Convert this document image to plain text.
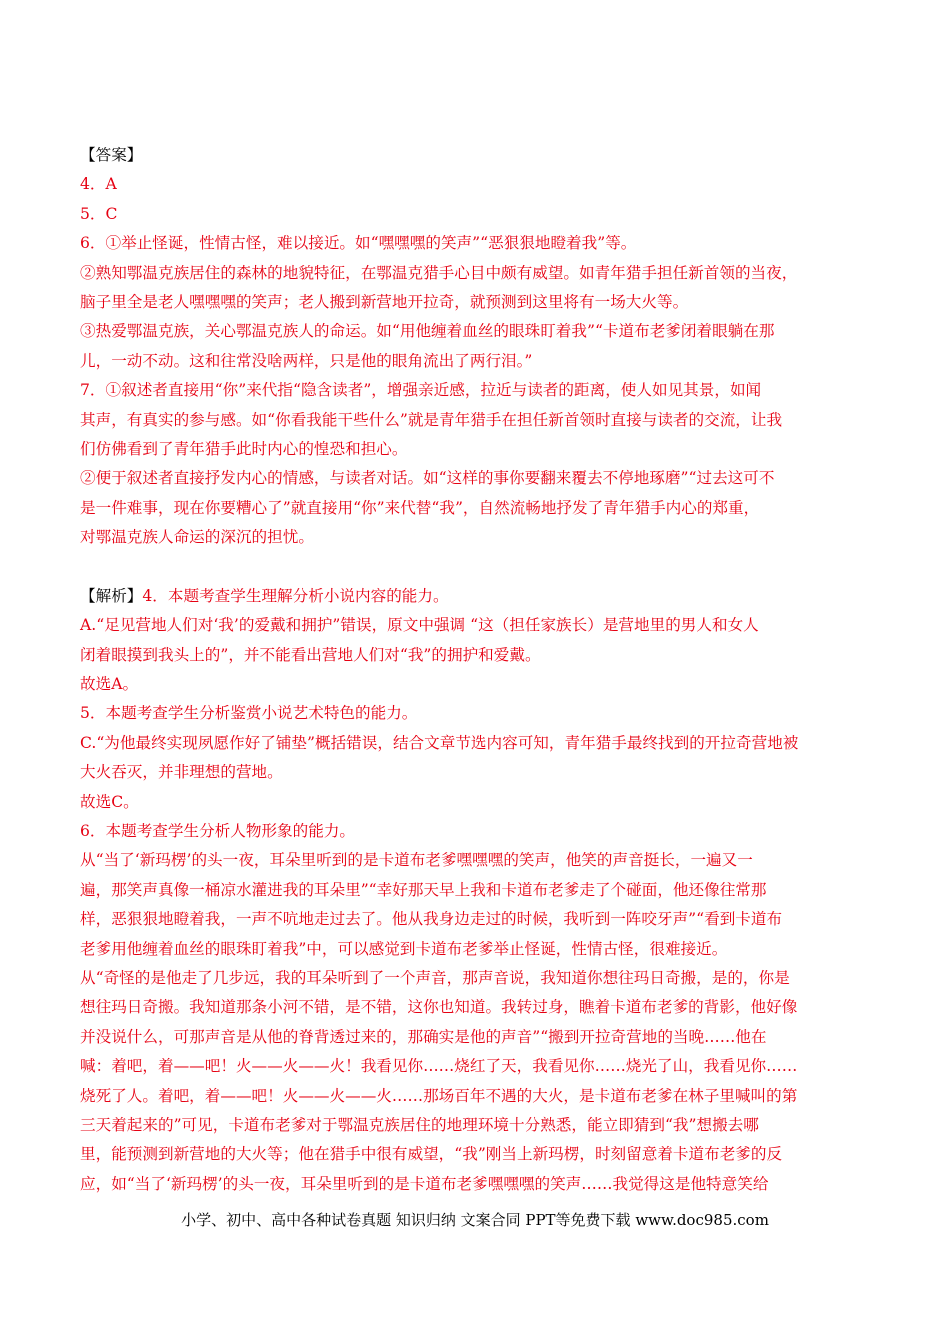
【答案】
4．A
5．C
6．①举止怪诞，性情古怪，难以接近。如“嘿嘿嘿的笑声”“恶狠狠地瞪着我”等。
②熟知鄂温克族居住的森林的地貌特征，在鄂温克猎手心目中颇有威望。如青年猎手担任新首领的当夜，
脑子里全是老人嘿嘿嘿的笑声；老人搬到新营地开拉奇，就预测到这里将有一场大火等。
③热爱鄂温克族，关心鄂温克族人的命运。如“用他缠着血丝的眼珠盯着我”“卡道布老爹闭着眼躺在那
儿，一动不动。这和往常没啥两样，只是他的眼角流出了两行泪。”
7．①叙述者直接用“你”来代指“隐含读者”，增强亲近感，拉近与读者的距离，使人如见其景，如闻
其声，有真实的参与感。如“你看我能干些什么”就是青年猎手在担任新首领时直接与读者的交流，让我
们仿佛看到了青年猎手此时内心的惶恐和担心。
②便于叙述者直接抒发内心的情感，与读者对话。如“这样的事你要翻来覆去不停地琢磨”“过去这可不
是一件难事，现在你要糟心了”就直接用“你”来代替“我”，自然流畅地抒发了青年猎手内心的郑重，
对鄂温克族人命运的深沉的担忧。
【解析】4．本题考查学生理解分析小说内容的能力。
A.“足见营地人们对‘我’的爱戴和拥护”错误，原文中强调 “这（担任家族长）是营地里的男人和女人
闭着眼摸到我头上的”，并不能看出营地人们对“我”的拥护和爱戴。
故选A。
5．本题考查学生分析鉴赏小说艺术特色的能力。
C.“为他最终实现夙愿作好了铺垫”概括错误，结合文章节选内容可知，青年猎手最终找到的开拉奇营地被
大火吞灭，并非理想的营地。
故选C。
6．本题考查学生分析人物形象的能力。
从“当了‘新玛楞’的头一夜，耳朵里听到的是卡道布老爹嘿嘿嘿的笑声，他笑的声音挺长，一遍又一
遍，那笑声真像一桶凉水灌进我的耳朵里”“幸好那天早上我和卡道布老爹走了个碰面，他还像往常那
样，恶狠狠地瞪着我，一声不吭地走过去了。他从我身边走过的时候，我听到一阵咬牙声”“看到卡道布
老爹用他缠着血丝的眼珠盯着我”中，可以感觉到卡道布老爹举止怪诞，性情古怪，很难接近。
从“奇怪的是他走了几步远，我的耳朵听到了一个声音，那声音说，我知道你想往玛日奇搬，是的，你是
想往玛日奇搬。我知道那条小河不错，是不错，这你也知道。我转过身，瞧着卡道布老爹的背影，他好像
并没说什么，可那声音是从他的脊背透过来的，那确实是他的声音”“搬到开拉奇营地的当晚……他在
喊：着吧，着——吧！火——火——火！我看见你……烧红了天，我看见你……烧光了山，我看见你……
烧死了人。着吧，着——吧！火——火——火……那场百年不遇的大火，是卡道布老爹在林子里喊叫的第
三天着起来的”可见，卡道布老爹对于鄂温克族居住的地理环境十分熟悉，能立即猜到“我”想搬去哪
里，能预测到新营地的大火等；他在猎手中很有威望，“我”刚当上新玛楞，时刻留意着卡道布老爹的反
应，如“当了‘新玛楞’的头一夜，耳朵里听到的是卡道布老爹嘿嘿嘿的笑声……我觉得这是他特意笑给
小学、初中、高中各种试卷真题 知识归纳 文案合同 PPT等免费下载 www.doc985.com
